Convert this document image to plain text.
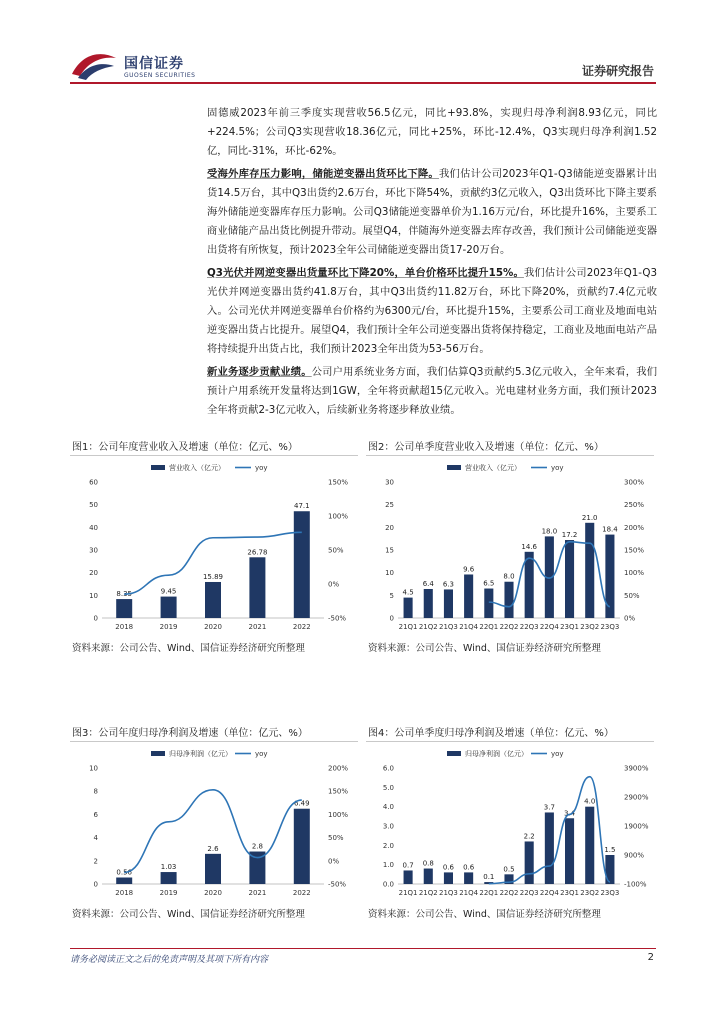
国信证券
GUOSEN SECURITIES	证券研究报告

固德威2023年前三季度实现营收56.5亿元，同比+93.8%，实现归母净利润8.93亿元，同比+224.5%；公司Q3实现营收18.36亿元，同比+25%，环比-12.4%，Q3实现归母净利润1.52亿，同比-31%，环比-62%。

受海外库存压力影响，储能逆变器出货环比下降。我们估计公司2023年Q1-Q3储能逆变器累计出货14.5万台，其中Q3出货约2.6万台，环比下降54%，贡献约3亿元收入，Q3出货环比下降主要系海外储能逆变器库存压力影响。公司Q3储能逆变器单价为1.16万元/台，环比提升16%，主要系工商业储能产品出货比例提升带动。展望Q4，伴随海外逆变器去库存改善，我们预计公司储能逆变器出货将有所恢复，预计2023全年公司储能逆变器出货17-20万台。

Q3光伏并网逆变器出货量环比下降20%，单台价格环比提升15%。我们估计公司2023年Q1-Q3光伏并网逆变器出货约41.8万台，其中Q3出货约11.82万台，环比下降20%，贡献约7.4亿元收入。公司光伏并网逆变器单台价格约为6300元/台，环比提升15%，主要系公司工商业及地面电站逆变器出货占比提升。展望Q4，我们预计全年公司逆变器出货将保持稳定，工商业及地面电站产品将持续提升出货占比，我们预计2023全年出货为53-56万台。

新业务逐步贡献业绩。公司户用系统业务方面，我们估算Q3贡献约5.3亿元收入，全年来看，我们预计户用系统开发量将达到1GW，全年将贡献超15亿元收入。光电建材业务方面，我们预计2023全年将贡献2-3亿元收入，后续新业务将逐步释放业绩。

图1：公司年度营业收入及增速（单位：亿元、%）
0
10
20
30
40
50
60
-50%
0%
50%
100%
150%
8.35
2018
9.45
2019
15.89
2020
26.78
2021
47.1
2022
营业收入（亿元）	yoy
资料来源：公司公告、Wind、国信证券经济研究所整理
图2：公司单季度营业收入及增速（单位：亿元、%）
0
5
10
15
20
25
30
0%
50%
100%
150%
200%
250%
300%
4.5
21Q1
6.4
21Q2
6.3
21Q3
9.6
21Q4
6.5
22Q1
8.0
22Q2
14.6
22Q3
18.0
22Q4
17.2
23Q1
21.0
23Q2
18.4
23Q3
营业收入（亿元）	yoy
资料来源：公司公告、Wind、国信证券经济研究所整理
图3：公司年度归母净利润及增速（单位：亿元、%）
0
2
4
6
8
10
-50%
0%
50%
100%
150%
200%
0.56
2018
1.03
2019
2.6
2020
2.8
2021
6.49
2022
归母净利润（亿元）	yoy
资料来源：公司公告、Wind、国信证券经济研究所整理
图4：公司单季度归母净利润及增速（单位：亿元、%）
0.0
1.0
2.0
3.0
4.0
5.0
6.0
-100%
900%
1900%
2900%
3900%
0.7
21Q1
0.8
21Q2
0.6
21Q3
0.6
21Q4
0.1
22Q1
0.5
22Q2
2.2
22Q3
3.7
22Q4
3.4
23Q1
4.0
23Q2
1.5
23Q3
归母净利润（亿元）	yoy
资料来源：公司公告、Wind、国信证券经济研究所整理
请务必阅读正文之后的免责声明及其项下所有内容	2
